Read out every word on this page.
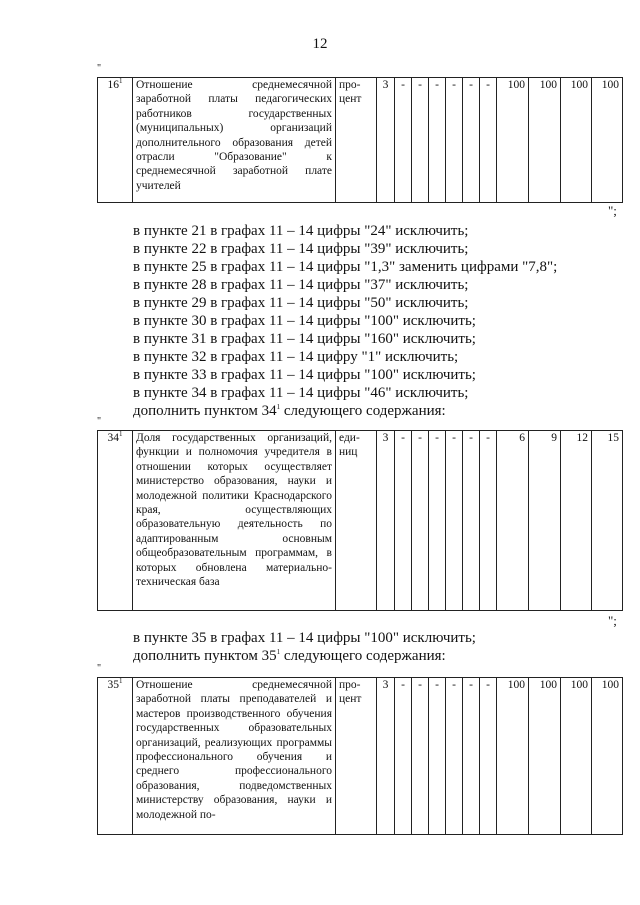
12
"
$16^1$	Отношение среднемесячной заработной платы педагогических работников государственных (муниципальных) организаций дополнительного образования детей отрасли "Образование" к среднемесячной заработной плате учителей	про-цент	3	-	-	-	-	-	-	100	100	100	100
";
в пункте 21 в графах 11 – 14 цифры "24" исключить;
в пункте 22 в графах 11 – 14 цифры "39" исключить;
в пункте 25 в графах 11 – 14 цифры "1,3" заменить цифрами "7,8";
в пункте 28 в графах 11 – 14 цифры "37" исключить;
в пункте 29 в графах 11 – 14 цифры "50" исключить;
в пункте 30 в графах 11 – 14 цифры "100" исключить;
в пункте 31 в графах 11 – 14 цифры "160" исключить;
в пункте 32 в графах 11 – 14 цифру "1" исключить;
в пункте 33 в графах 11 – 14 цифры "100" исключить;
в пункте 34 в графах 11 – 14 цифры "46" исключить;
дополнить пунктом $34^1$ следующего содержания:
"
$34^1$	Доля государственных организаций, функции и полномочия учредителя в отношении которых осуществляет министерство образования, науки и молодежной политики Краснодарского края, осуществляющих образовательную деятельность по адаптированным основным общеобразовательным программам, в которых обновлена материально-техническая база	еди-ниц	3	-	-	-	-	-	-	6	9	12	15
";
в пункте 35 в графах 11 – 14 цифры "100" исключить;
дополнить пунктом $35^1$ следующего содержания:
"
$35^1$	Отношение среднемесячной заработной платы преподавателей и мастеров производственного обучения государственных образовательных организаций, реализующих программы профессионального обучения и среднего профессионального образования, подведомственных министерству образования, науки и молодежной по-	про-цент	3	-	-	-	-	-	-	100	100	100	100
